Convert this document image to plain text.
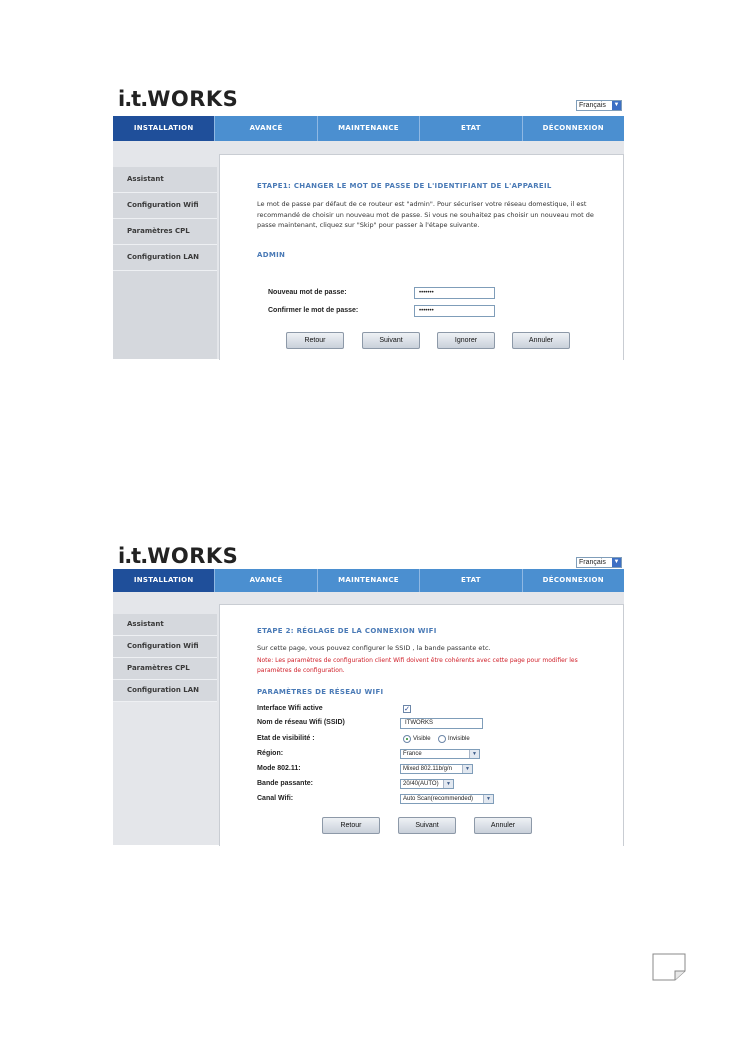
i.t.WORKS	Français ▼
INSTALLATION	AVANCÉ	MAINTENANCE	ETAT	DÉCONNEXION
Assistant
Configuration Wifi
Paramètres CPL
Configuration LAN
ETAPE1: CHANGER LE MOT DE PASSE DE L'IDENTIFIANT DE L'APPAREIL
Le mot de passe par défaut de ce routeur est "admin". Pour sécuriser votre réseau domestique, il est recommandé de choisir un nouveau mot de passe. Si vous ne souhaitez pas choisir un nouveau mot de passe maintenant, cliquez sur "Skip" pour passer à l'étape suivante.
ADMIN
Nouveau mot de passe:	•••••••
Confirmer le mot de passe:	•••••••
Retour	Suivant	Ignorer	Annuler
i.t.WORKS	Français ▼
INSTALLATION	AVANCÉ	MAINTENANCE	ETAT	DÉCONNEXION
Assistant
Configuration Wifi
Paramètres CPL
Configuration LAN
ETAPE 2: RÉGLAGE DE LA CONNEXION WIFI
Sur cette page, vous pouvez configurer le SSID , la bande passante etc.
Note: Les paramètres de configuration client Wifi doivent être cohérents avec cette page pour modifier les paramètres de configuration.
PARAMÈTRES DE RÉSEAU WIFI
Interface Wifi active	✓
Nom de réseau Wifi (SSID)	ITWORKS
Etat de visibilité :	Visible	Invisible
Région:	France	▼
Mode 802.11:	Mixed 802.11b/g/n	▼
Bande passante:	20/40(AUTO)	▼
Canal Wifi:	Auto Scan(recommended)	▼
Retour	Suivant	Annuler
